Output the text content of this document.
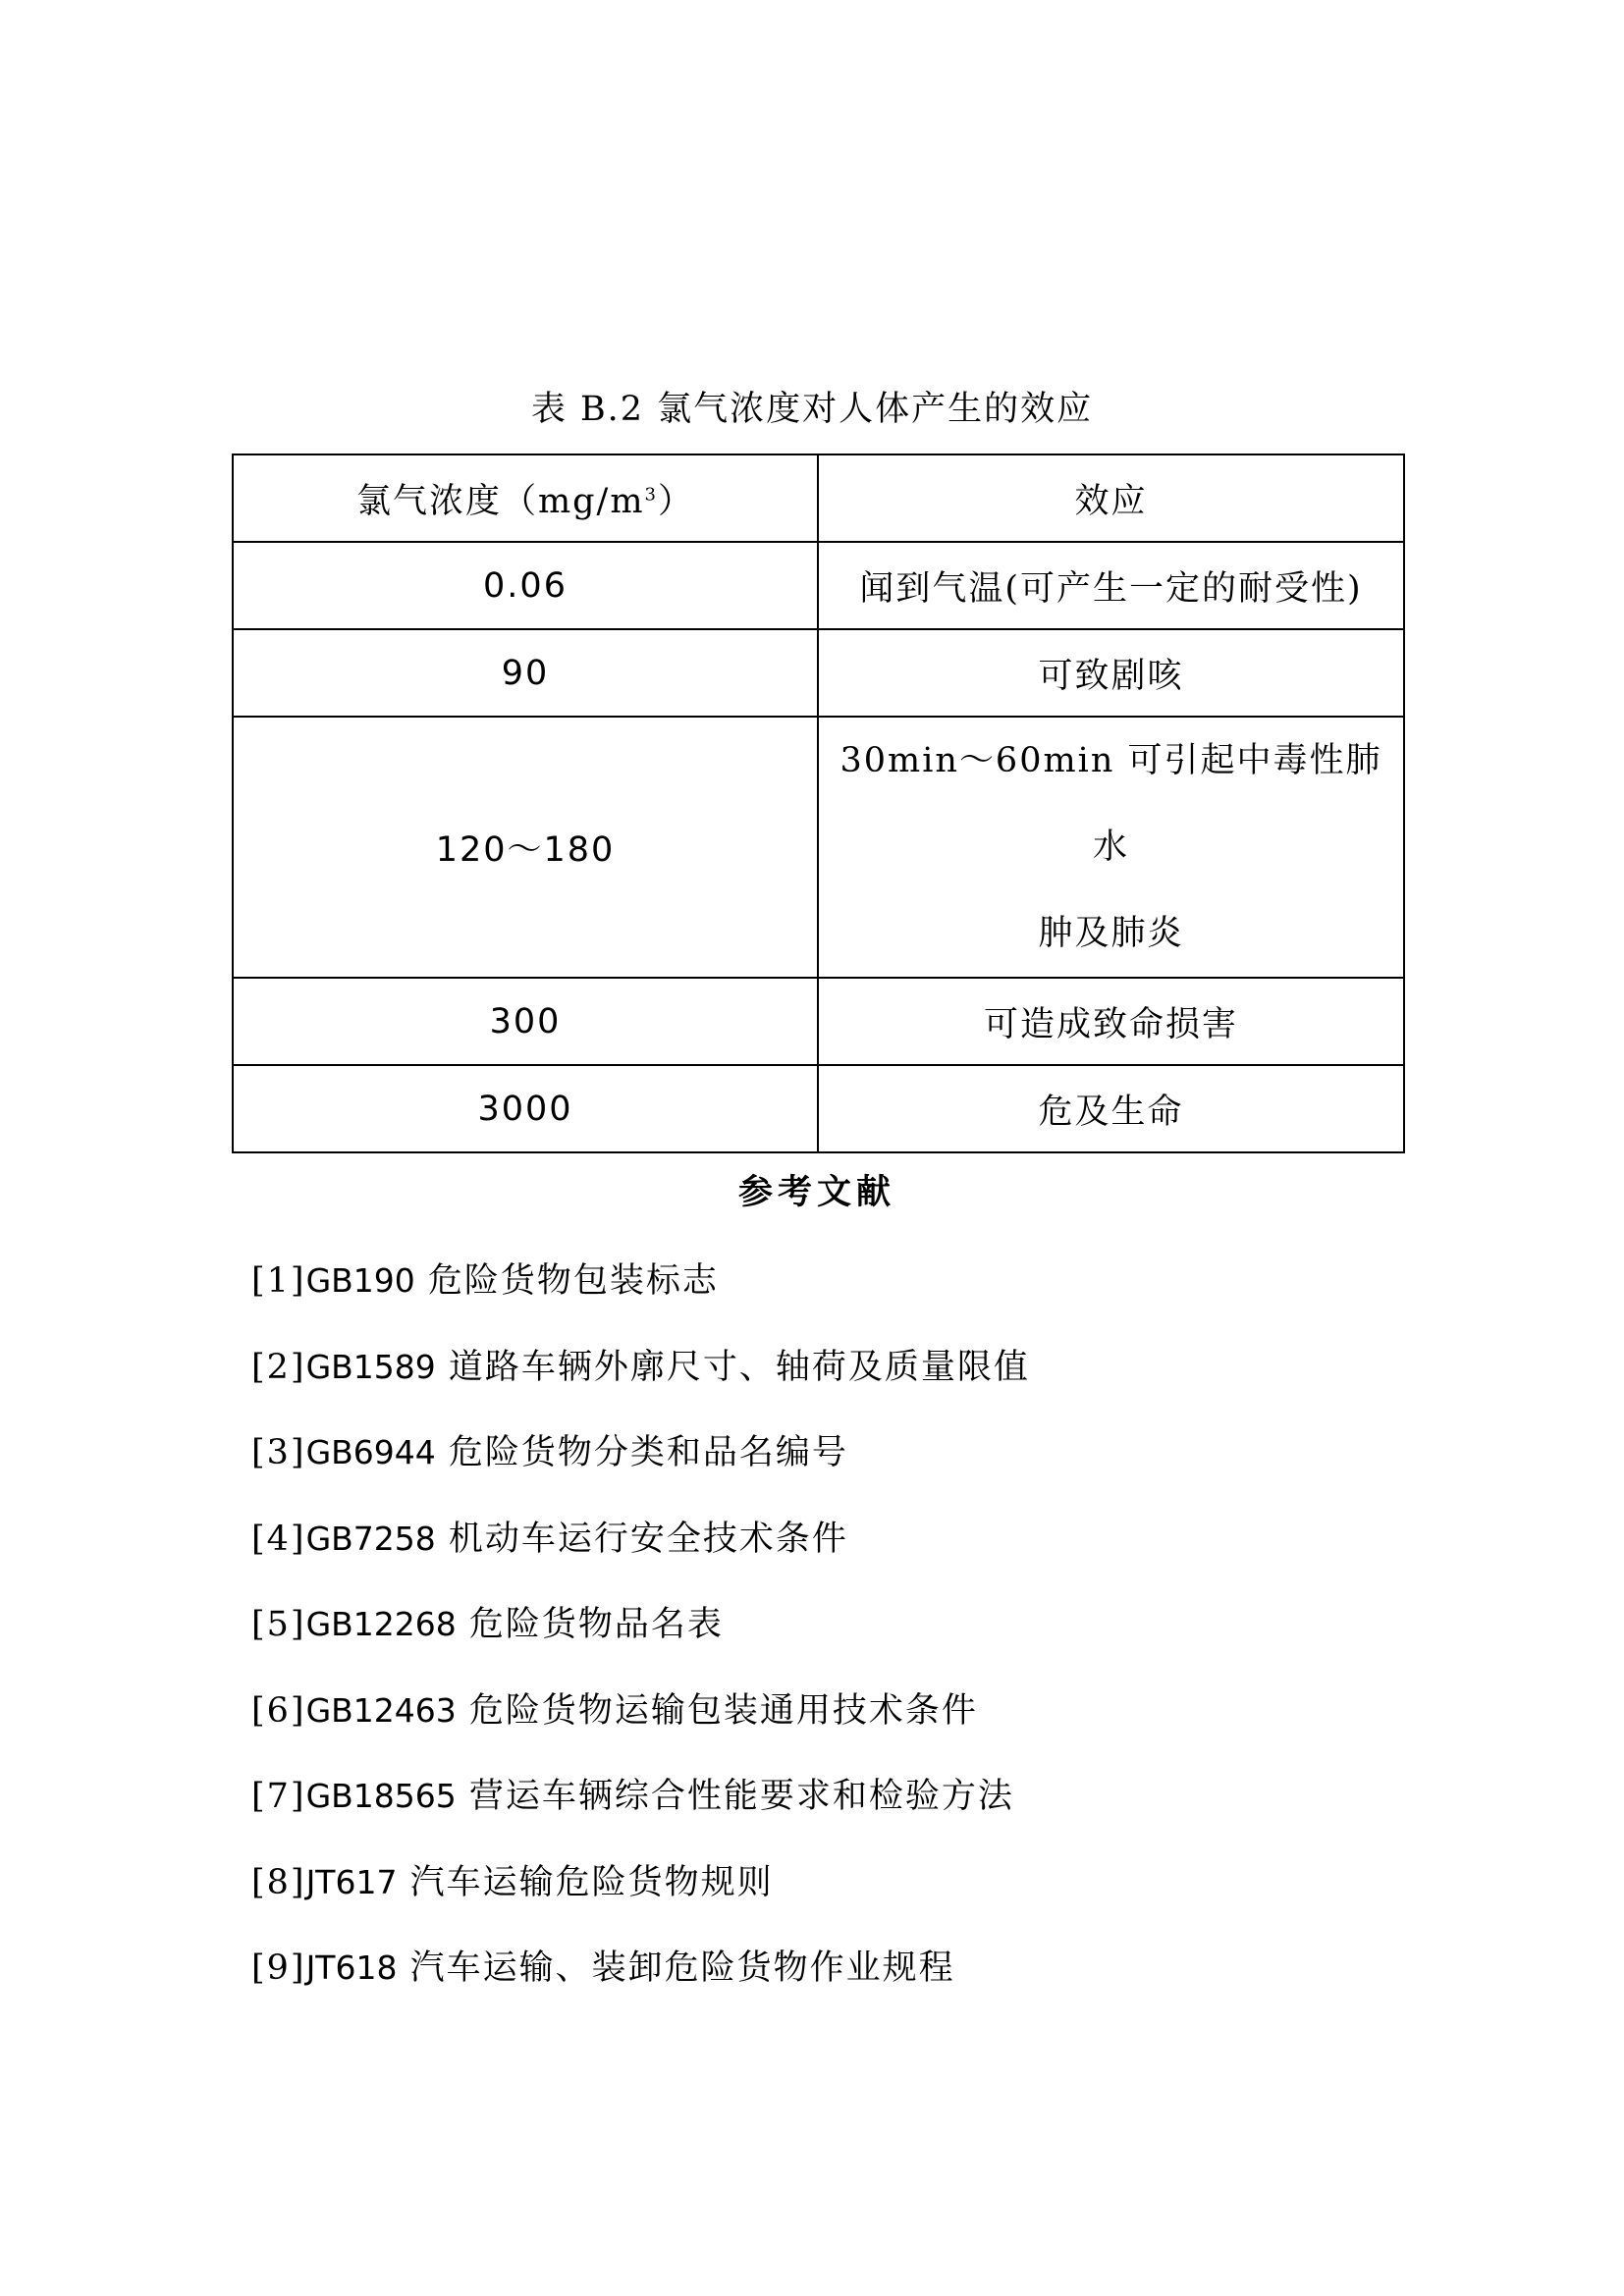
表 B.2 氯气浓度对人体产生的效应
氯气浓度$(mg/m^3)$	效应
0.06	闻到气温(可产生一定的耐受性)
90	可致剧咳
120～180	30min～60min 可引起中毒性肺水
肿及肺炎

300	可造成致命损害
3000	危及生命
参考文献
[1]GB190 危险货物包装标志
[2]GB1589 道路车辆外廓尺寸、轴荷及质量限值
[3]GB6944 危险货物分类和品名编号
[4]GB7258 机动车运行安全技术条件
[5]GB12268 危险货物品名表
[6]GB12463 危险货物运输包装通用技术条件
[7]GB18565 营运车辆综合性能要求和检验方法
[8]JT617 汽车运输危险货物规则
[9]JT618 汽车运输、装卸危险货物作业规程
